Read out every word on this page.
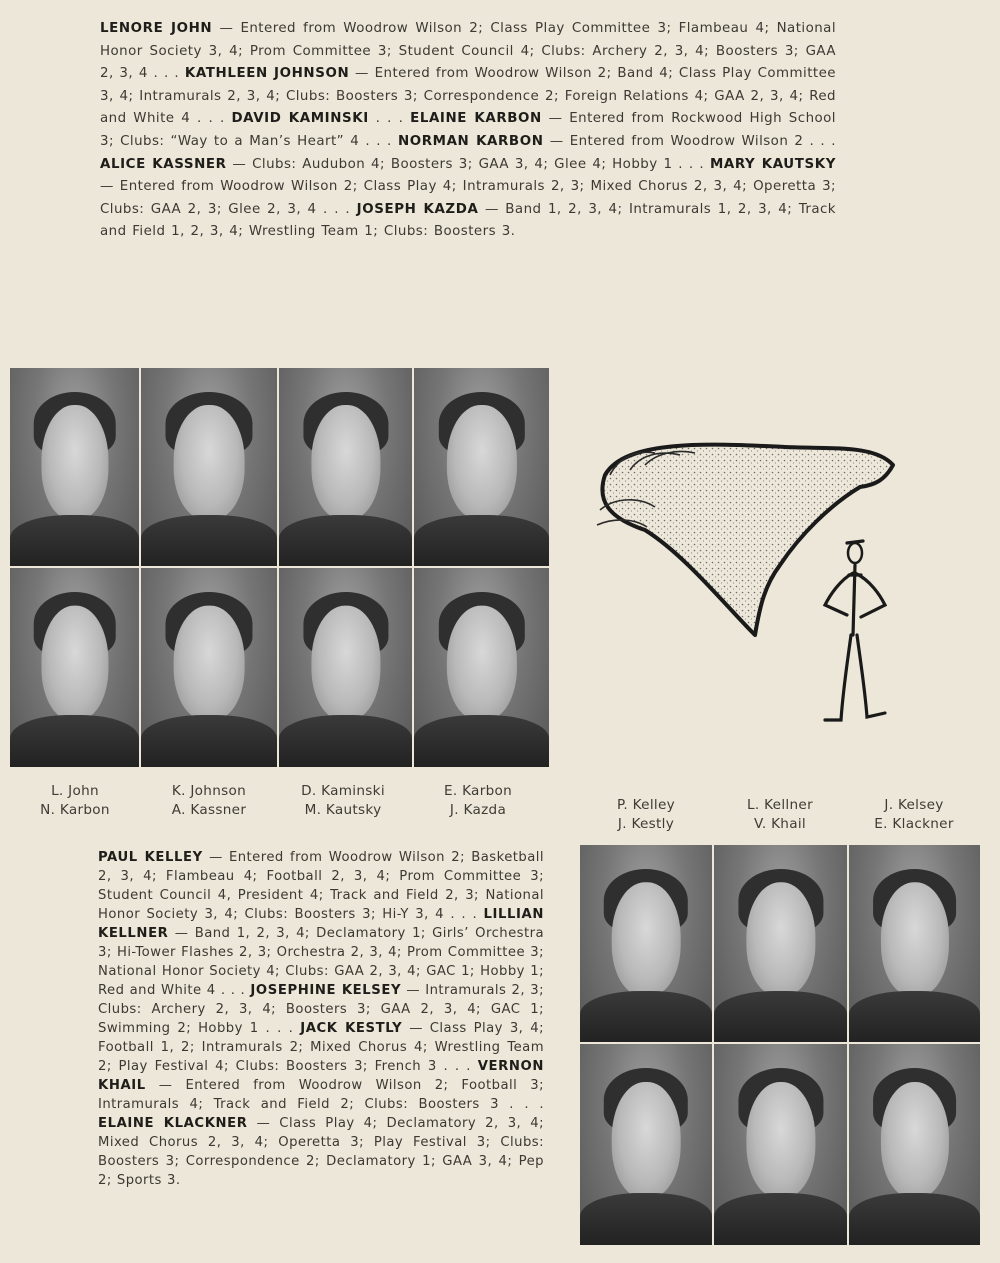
LENORE JOHN — Entered from Woodrow Wilson 2; Class Play Committee 3; Flambeau 4; National Honor Society 3, 4; Prom Committee 3; Student Council 4; Clubs: Archery 2, 3, 4; Boosters 3; GAA 2, 3, 4 . . . KATHLEEN JOHNSON — Entered from Woodrow Wilson 2; Band 4; Class Play Committee 3, 4; Intramurals 2, 3, 4; Clubs: Boosters 3; Correspondence 2; Foreign Relations 4; GAA 2, 3, 4; Red and White 4 . . . DAVID KAMINSKI . . . ELAINE KARBON — Entered from Rockwood High School 3; Clubs: “Way to a Man’s Heart” 4 . . . NORMAN KARBON — Entered from Woodrow Wilson 2 . . . ALICE KASSNER — Clubs: Audubon 4; Boosters 3; GAA 3, 4; Glee 4; Hobby 1 . . . MARY KAUTSKY — Entered from Woodrow Wilson 2; Class Play 4; Intramurals 2, 3; Mixed Chorus 2, 3, 4; Operetta 3; Clubs: GAA 2, 3; Glee 2, 3, 4 . . . JOSEPH KAZDA — Band 1, 2, 3, 4; Intramurals 1, 2, 3, 4; Track and Field 1, 2, 3, 4; Wrestling Team 1; Clubs: Boosters 3.
L. John
N. Karbon
K. Johnson
A. Kassner
D. Kaminski
M. Kautsky
E. Karbon
J. Kazda	P. Kelley
J. Kestly
L. Kellner
V. Khail
J. Kelsey
E. Klackner
PAUL KELLEY — Entered from Woodrow Wilson 2; Basketball 2, 3, 4; Flambeau 4; Football 2, 3, 4; Prom Committee 3; Student Council 4, President 4; Track and Field 2, 3; National Honor Society 3, 4; Clubs: Boosters 3; Hi-Y 3, 4 . . . LILLIAN KELLNER — Band 1, 2, 3, 4; Declamatory 1; Girls’ Orchestra 3; Hi-Tower Flashes 2, 3; Orchestra 2, 3, 4; Prom Committee 3; National Honor Society 4; Clubs: GAA 2, 3, 4; GAC 1; Hobby 1; Red and White 4 . . . JOSEPHINE KELSEY — Intramurals 2, 3; Clubs: Archery 2, 3, 4; Boosters 3; GAA 2, 3, 4; GAC 1; Swimming 2; Hobby 1 . . . JACK KESTLY — Class Play 3, 4; Football 1, 2; Intramurals 2; Mixed Chorus 4; Wrestling Team 2; Play Festival 4; Clubs: Boosters 3; French 3 . . . VERNON KHAIL — Entered from Woodrow Wilson 2; Football 3; Intramurals 4; Track and Field 2; Clubs: Boosters 3 . . . ELAINE KLACKNER — Class Play 4; Declamatory 2, 3, 4; Mixed Chorus 2, 3, 4; Operetta 3; Play Festival 3; Clubs: Boosters 3; Correspondence 2; Declamatory 1; GAA 3, 4; Pep 2; Sports 3.
